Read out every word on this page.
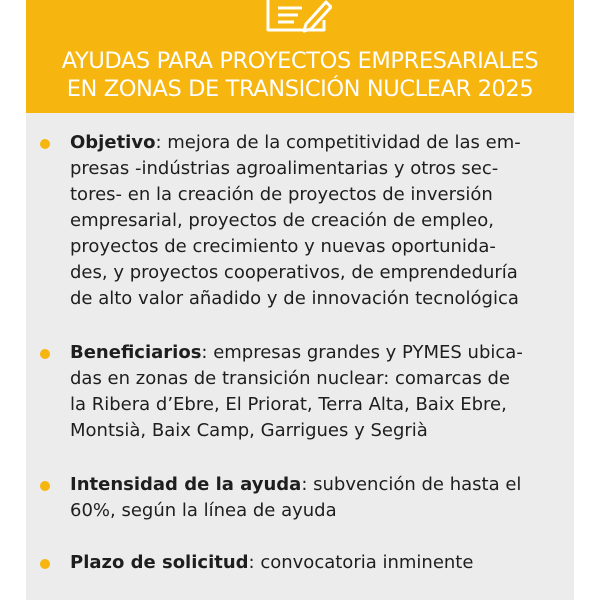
AYUDAS PARA PROYECTOS EMPRESARIALES
EN ZONAS DE TRANSICIÓN NUCLEAR 2025
Objetivo: mejora de la competitividad de las em-
presas -indústrias agroalimentarias y otros sec-
tores- en la creación de proyectos de inversión
empresarial, proyectos de creación de empleo,
proyectos de crecimiento y nuevas oportunida-
des, y proyectos cooperativos, de emprendeduría
de alto valor añadido y de innovación tecnológica
Beneficiarios: empresas grandes y PYMES ubica-
das en zonas de transición nuclear: comarcas de
la Ribera d’Ebre, El Priorat, Terra Alta, Baix Ebre,
Montsià, Baix Camp, Garrigues y Segrià
Intensidad de la ayuda: subvención de hasta el
60%, según la línea de ayuda
Plazo de solicitud: convocatoria inminente
